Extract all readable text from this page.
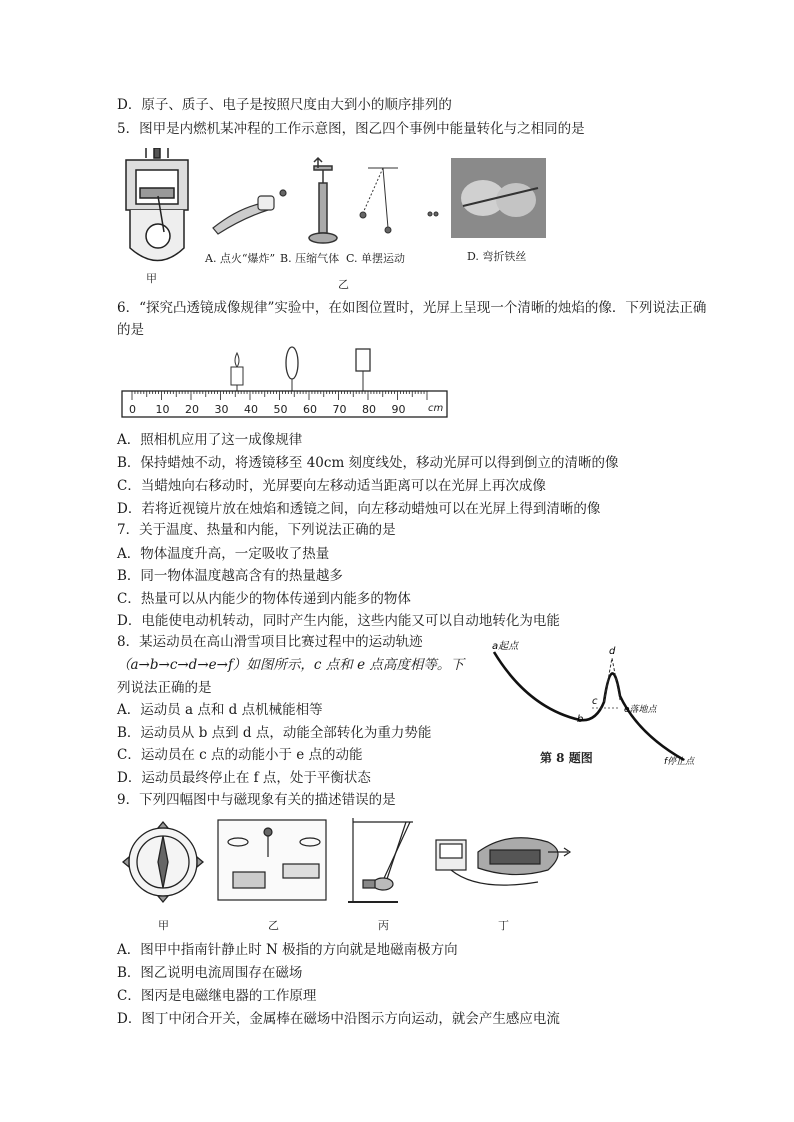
D．原子、质子、电子是按照尺度由大到小的顺序排列的
5．图甲是内燃机某冲程的工作示意图，图乙四个事例中能量转化与之相同的是
A. 点火“爆炸” B. 压缩气体 C. 单摆运动	D. 弯折铁丝
甲	乙
6．“探究凸透镜成像规律”实验中，在如图位置时，光屏上呈现一个清晰的烛焰的像．下列说法正确
的是
0 10 20 30 40 50 60 70 80 90 cm
A．照相机应用了这一成像规律
B．保持蜡烛不动，将透镜移至 40cm 刻度线处，移动光屏可以得到倒立的清晰的像
C．当蜡烛向右移动时，光屏要向左移动适当距离可以在光屏上再次成像
D．若将近视镜片放在烛焰和透镜之间，向左移动蜡烛可以在光屏上得到清晰的像
7．关于温度、热量和内能，下列说法正确的是
A．物体温度升高，一定吸收了热量
B．同一物体温度越高含有的热量越多
C．热量可以从内能少的物体传递到内能多的物体
D．电能使电动机转动，同时产生内能，这些内能又可以自动地转化为电能
8．某运动员在高山滑雪项目比赛过程中的运动轨迹
（a→b→c→d→e→f）如图所示，c 点和 e 点高度相等。下
列说法正确的是
A．运动员 a 点和 d 点机械能相等
B．运动员从 b 点到 d 点，动能全部转化为重力势能
C．运动员在 c 点的动能小于 e 点的动能
D．运动员最终停止在 f 点，处于平衡状态
a起点
b
c
d
e落地点
f停止点
第 8 题图
9．下列四幅图中与磁现象有关的描述错误的是
甲	乙	丙	丁
A．图甲中指南针静止时 N 极指的方向就是地磁南极方向
B．图乙说明电流周围存在磁场
C．图丙是电磁继电器的工作原理
D．图丁中闭合开关，金属棒在磁场中沿图示方向运动，就会产生感应电流
